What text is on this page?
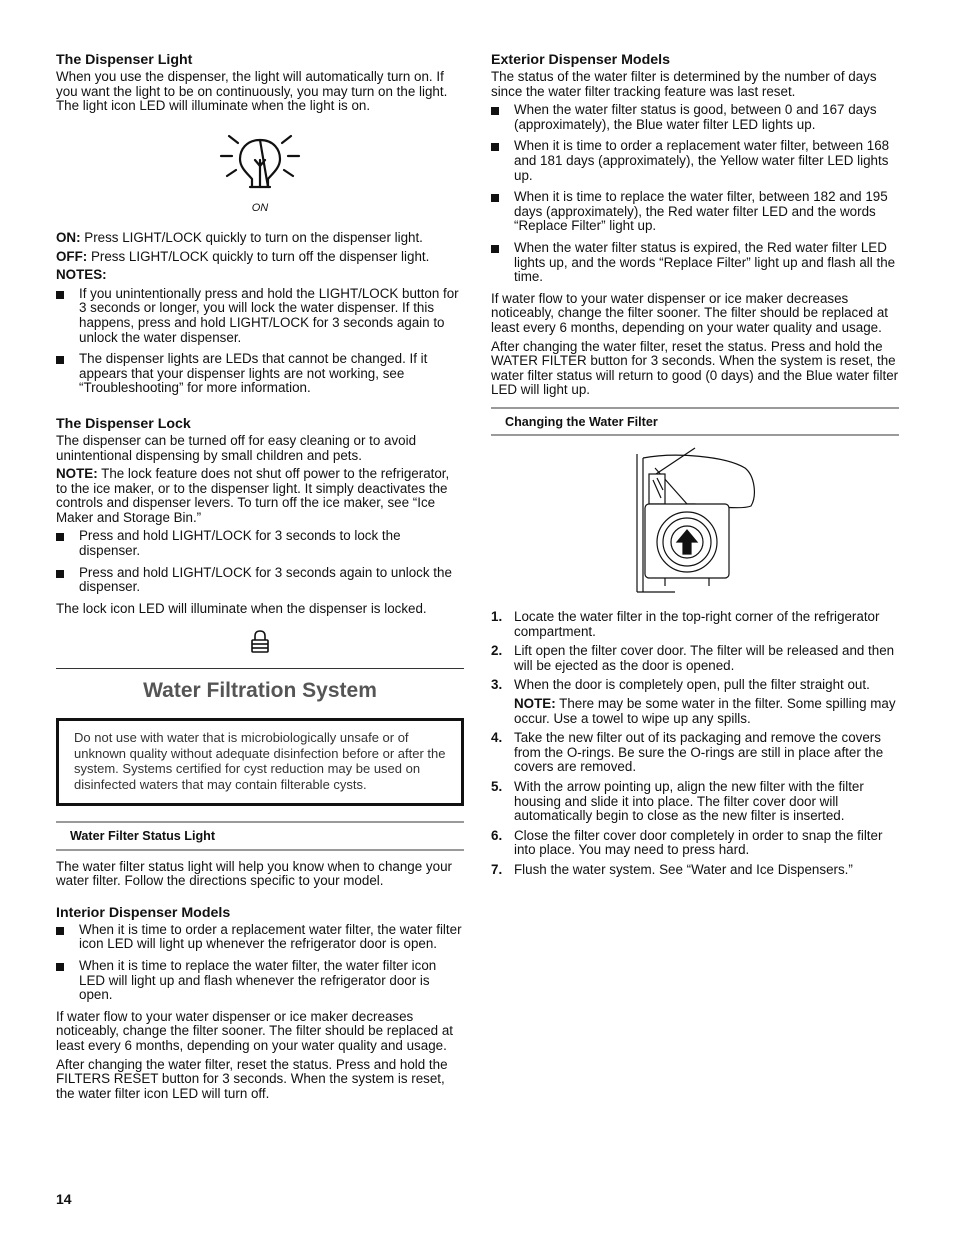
The Dispenser Light

When you use the dispenser, the light will automatically turn on. If you want the light to be on continuously, you may turn on the light. The light icon LED will illuminate when the light is on.

ON

ON: Press LIGHT/LOCK quickly to turn on the dispenser light.

OFF: Press LIGHT/LOCK quickly to turn off the dispenser light.

NOTES:

If you unintentionally press and hold the LIGHT/LOCK button for 3 seconds or longer, you will lock the water dispenser. If this happens, press and hold LIGHT/LOCK for 3 seconds again to unlock the water dispenser.
The dispenser lights are LEDs that cannot be changed. If it appears that your dispenser lights are not working, see “Troubleshooting” for more information.
The Dispenser Lock

The dispenser can be turned off for easy cleaning or to avoid unintentional dispensing by small children and pets.

NOTE: The lock feature does not shut off power to the refrigerator, to the ice maker, or to the dispenser light. It simply deactivates the controls and dispenser levers. To turn off the ice maker, see “Ice Maker and Storage Bin.”

Press and hold LIGHT/LOCK for 3 seconds to lock the dispenser.
Press and hold LIGHT/LOCK for 3 seconds again to unlock the dispenser.

The lock icon LED will illuminate when the dispenser is locked.

Water Filtration System
Do not use with water that is microbiologically unsafe or of unknown quality without adequate disinfection before or after the system. Systems certified for cyst reduction may be used on disinfected waters that may contain filterable cysts.
Water Filter Status Light

The water filter status light will help you know when to change your water filter. Follow the directions specific to your model.

Interior Dispenser Models
When it is time to order a replacement water filter, the water filter icon LED will light up whenever the refrigerator door is open.
When it is time to replace the water filter, the water filter icon LED will light up and flash whenever the refrigerator door is open.

If water flow to your water dispenser or ice maker decreases noticeably, change the filter sooner. The filter should be replaced at least every 6 months, depending on your water quality and usage.

After changing the water filter, reset the status. Press and hold the FILTERS RESET button for 3 seconds. When the system is reset, the water filter icon LED will turn off.

Exterior Dispenser Models

The status of the water filter is determined by the number of days since the water filter tracking feature was last reset.

When the water filter status is good, between 0 and 167 days (approximately), the Blue water filter LED lights up.
When it is time to order a replacement water filter, between 168 and 181 days (approximately), the Yellow water filter LED lights up.
When it is time to replace the water filter, between 182 and 195 days (approximately), the Red water filter LED and the words “Replace Filter” light up.
When the water filter status is expired, the Red water filter LED lights up, and the words “Replace Filter” light up and flash all the time.

If water flow to your water dispenser or ice maker decreases noticeably, change the filter sooner. The filter should be replaced at least every 6 months, depending on your water quality and usage.

After changing the water filter, reset the status. Press and hold the WATER FILTER button for 3 seconds. When the system is reset, the water filter status will return to good (0 days) and the Blue water filter LED will light up.

Changing the Water Filter
1. Locate the water filter in the top-right corner of the refrigerator compartment.
2. Lift open the filter cover door. The filter will be released and then will be ejected as the door is opened.
3. When the door is completely open, pull the filter straight out.
NOTE: There may be some water in the filter. Some spilling may occur. Use a towel to wipe up any spills.
4. Take the new filter out of its packaging and remove the covers from the O-rings. Be sure the O-rings are still in place after the covers are removed.
5. With the arrow pointing up, align the new filter with the filter housing and slide it into place. The filter cover door will automatically begin to close as the new filter is inserted.
6. Close the filter cover door completely in order to snap the filter into place. You may need to press hard.
7. Flush the water system. See “Water and Ice Dispensers.”
14
